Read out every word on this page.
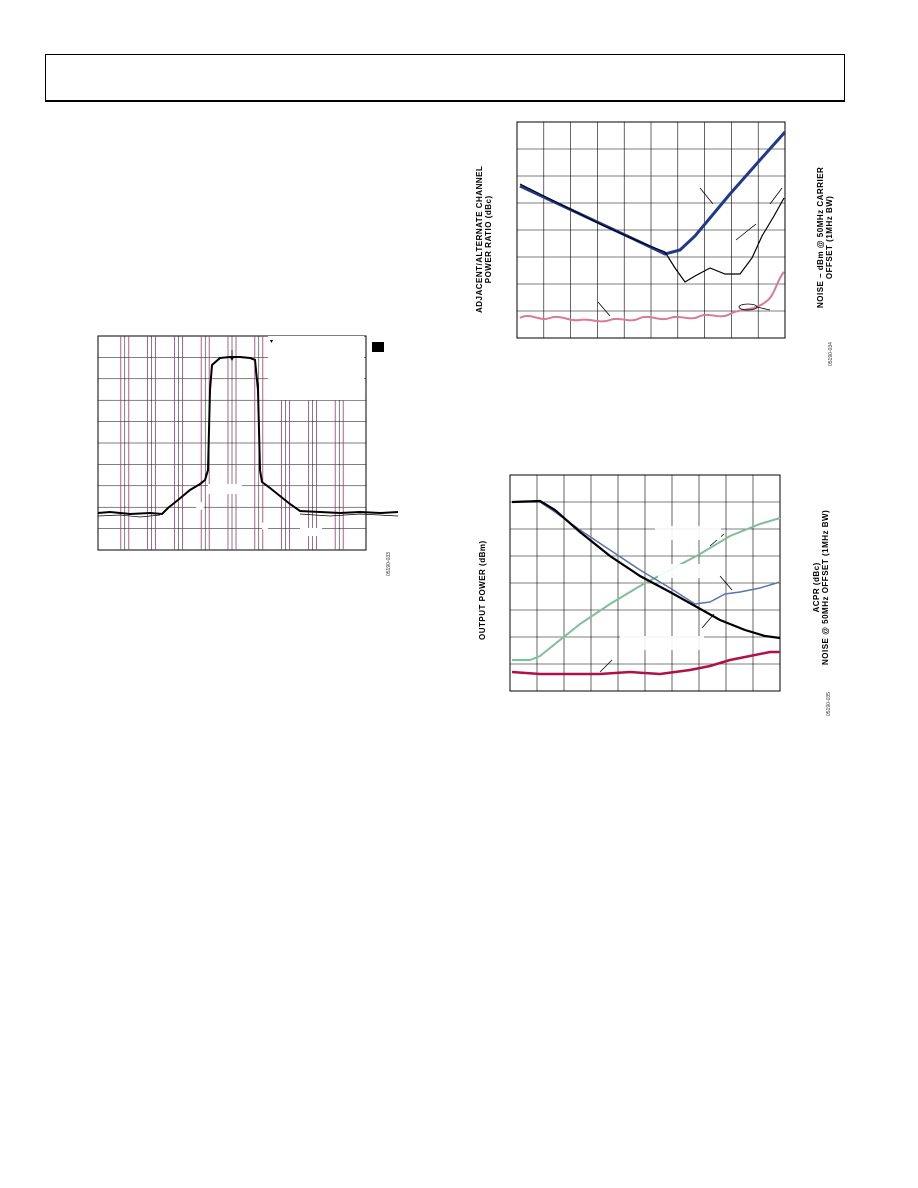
ADJACENT/ALTERNATE CHANNEL POWER RATIO (dBc)	NOISE – dBm @ 50MHz CARRIER OFFSET (1MHz BW)
05190-034
05190-033	OUTPUT POWER (dBm)	ACPR (dBc) NOISE @ 50MHz OFFSET (1MHz BW)
05190-035
